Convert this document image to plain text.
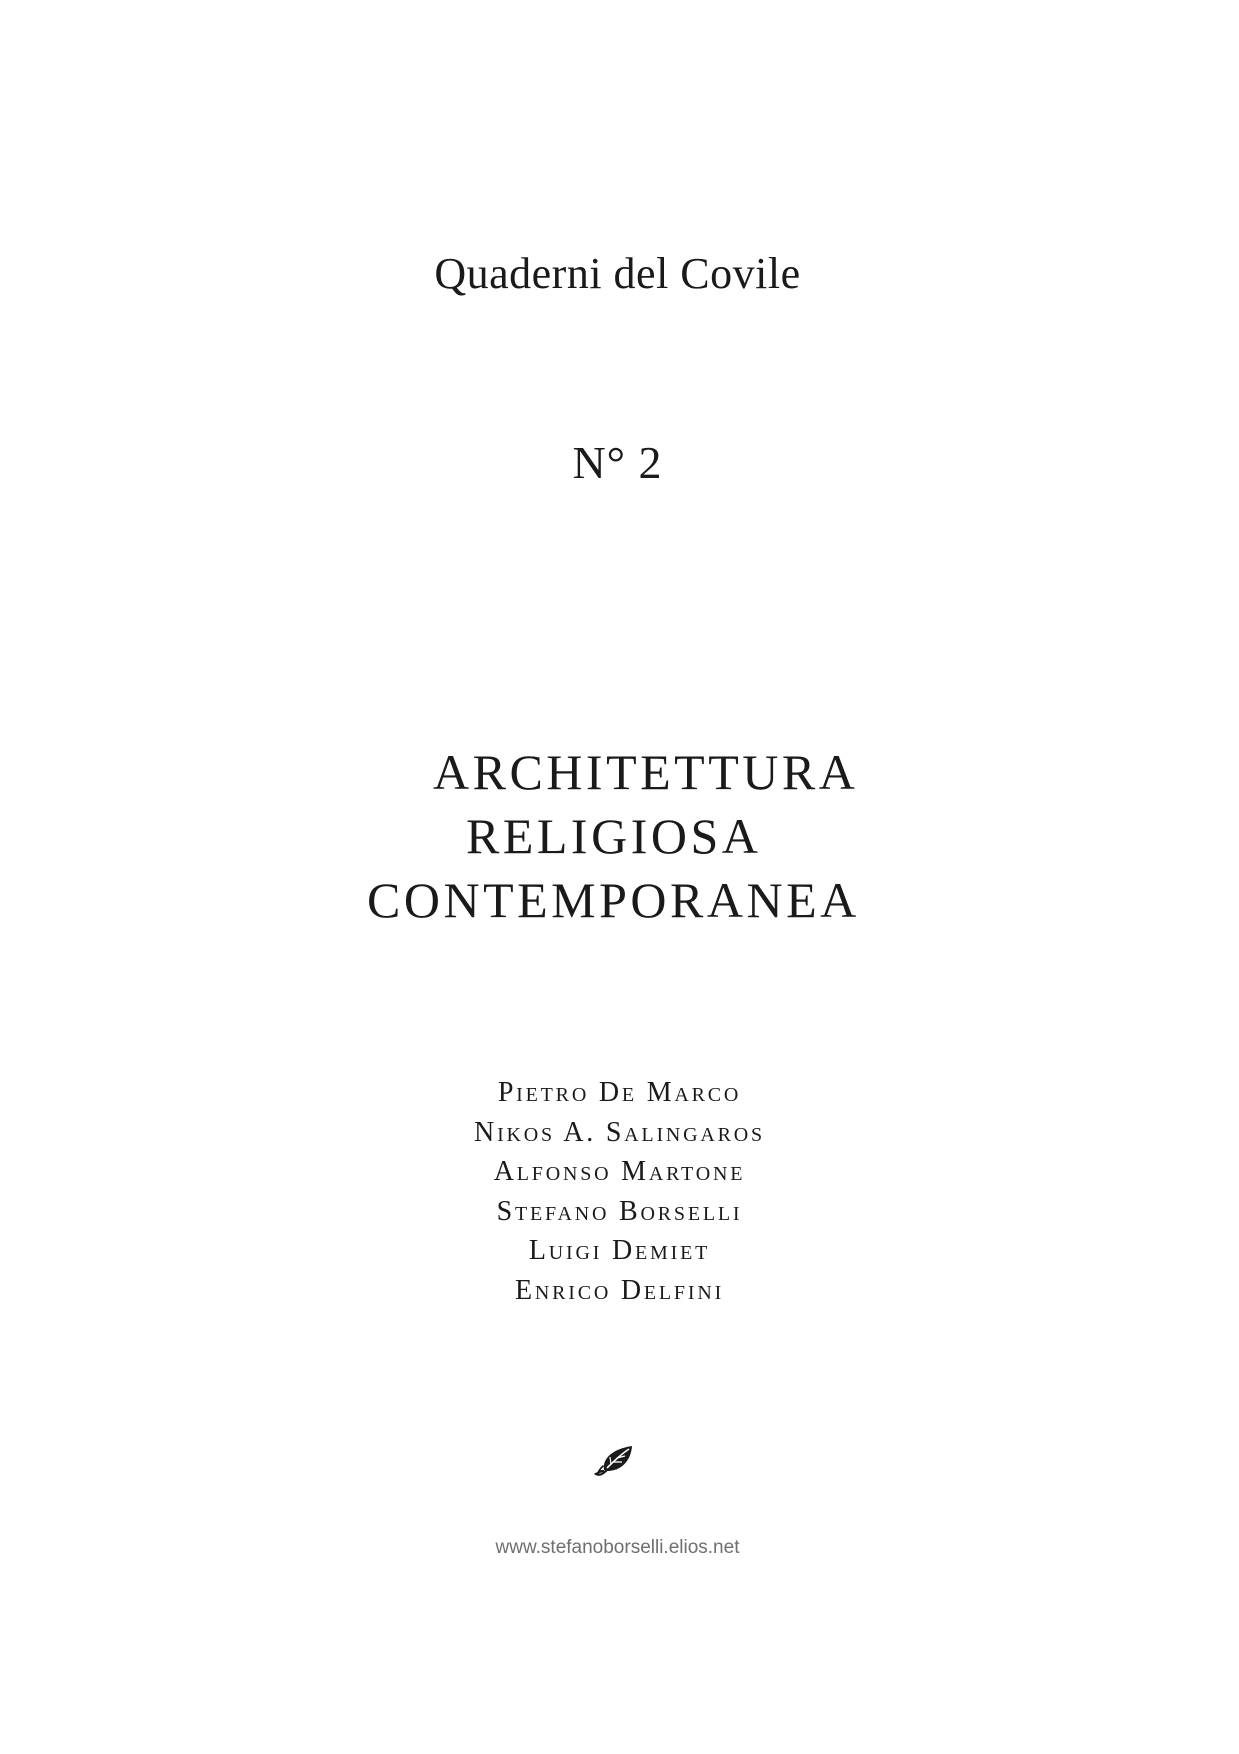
Quaderni del Covile
N° 2
ARCHITETTURA
RELIGIOSA
CONTEMPORANEA
Pietro De Marco
Nikos A. Salingaros
Alfonso Martone
Stefano Borselli
Luigi Demiet
Enrico Delfini
www.stefanoborselli.elios.net
